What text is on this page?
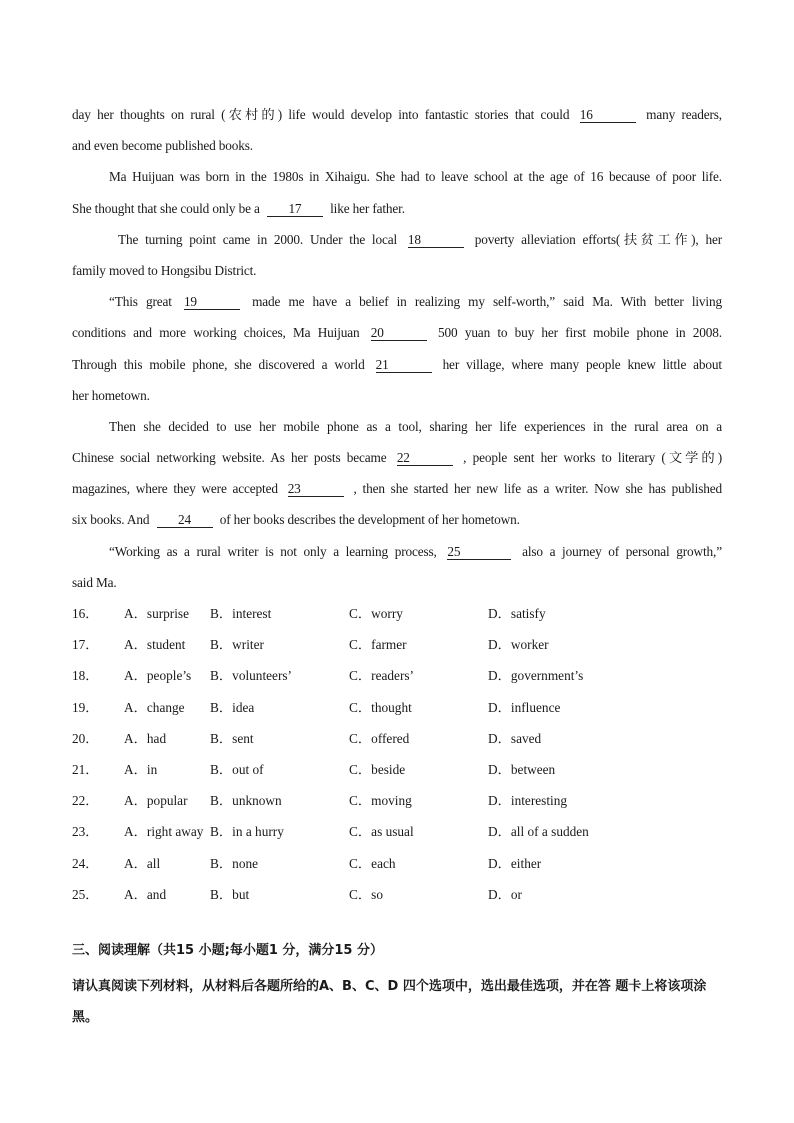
day her thoughts on rural (农村的) life would develop into fantastic stories that could 16	many readers,
and even become published books.
Ma Huijuan was born in the 1980s in Xihaigu. She had to leave school at the age of 16 because of poor life.
She thought that she could only be a 17 like her father.
The turning point came in 2000. Under the local 18	poverty alleviation efforts(扶贫工作), her
family moved to Hongsibu District.
“This great 19	made me have a belief in realizing my self-worth,” said Ma. With better living
conditions and more working choices, Ma Huijuan 20	500 yuan to buy her first mobile phone in 2008.
Through this mobile phone, she discovered a world 21	her village, where many people knew little about
her hometown.
Then she decided to use her mobile phone as a tool, sharing her life experiences in the rural area on a
Chinese social networking website. As her posts became 22	, people sent her works to literary (文学的)
magazines, where they were accepted 23	, then she started her new life as a writer. Now she has published
six books. And 24 of her books describes the development of her hometown.
“Working as a rural writer is not only a learning process, 25	also a journey of personal growth,”
said Ma.
16．	A．surprise	B．interest	C．worry	D．satisfy
17．	A．student	B．writer	C．farmer	D．worker
18．	A．people’s	B．volunteers’	C．readers’	D．government’s
19．	A．change	B．idea	C．thought	D．influence
20．	A．had	B．sent	C．offered	D．saved
21．	A．in	B．out of	C．beside	D．between
22．	A．popular	B．unknown	C．moving	D．interesting
23．	A．right away B．in a hurry	C．as usual	D．all of a sudden
24．	A．all	B．none	C．each	D．either
25．	A．and	B．but	C．so	D．or
三、阅读理解（共15 小题;每小题1 分，满分15 分）
请认真阅读下列材料，从材料后各题所给的A、B、C、D 四个选项中，选出最佳选项，并在答 题卡上将该项涂黑。
